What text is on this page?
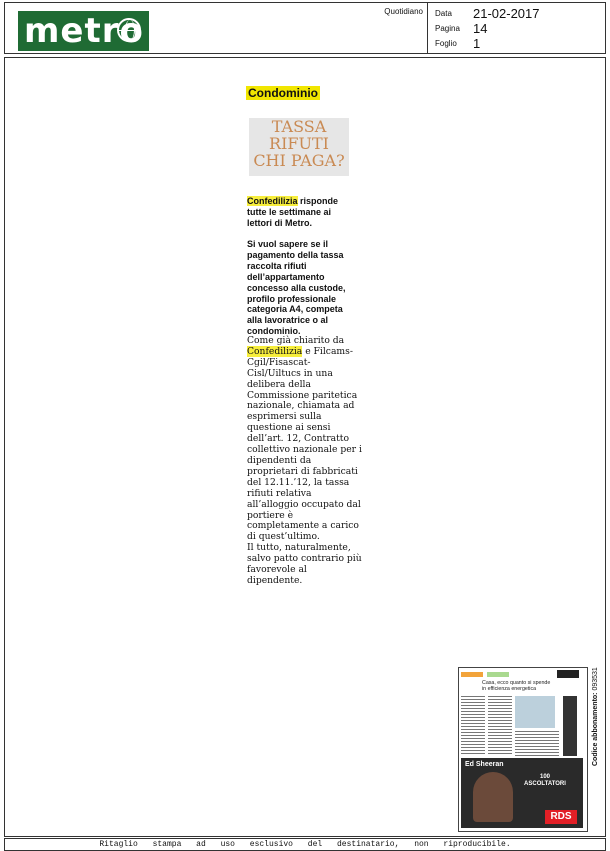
metro	Quotidiano Data 21-02-2017
Pagina 14
Foglio 1
Condominio
TASSA
RIFUTI
CHI PAGA?
Confedilizia risponde tutte le settimane ai lettori di Metro.
Si vuol sapere se il pagamento della tassa raccolta rifiuti dell’appartamento concesso alla custode, profilo professionale categoria A4, competa alla lavoratrice o al condominio.

Come già chiarito da Confedilizia e Filcams-Cgil/Fisascat-Cisl/Uiltucs in una delibera della Commissione paritetica nazionale, chiamata ad esprimersi sulla questione ai sensi dell’art. 12, Contratto collettivo nazionale per i dipendenti da proprietari di fabbricati del 12.11.’12, la tassa rifiuti relativa all’alloggio occupato dal portiere è completamente a carico di quest’ultimo.

Il tutto, naturalmente, salvo patto contrario più favorevole al dipendente.

Casa, ecco quanto si spende
in efficienza energetica
Ed Sheeran
100 ASCOLTATORI
RDS
Codice abbonamento: 093531
Ritaglio stampa ad uso esclusivo del destinatario, non riproducibile.
